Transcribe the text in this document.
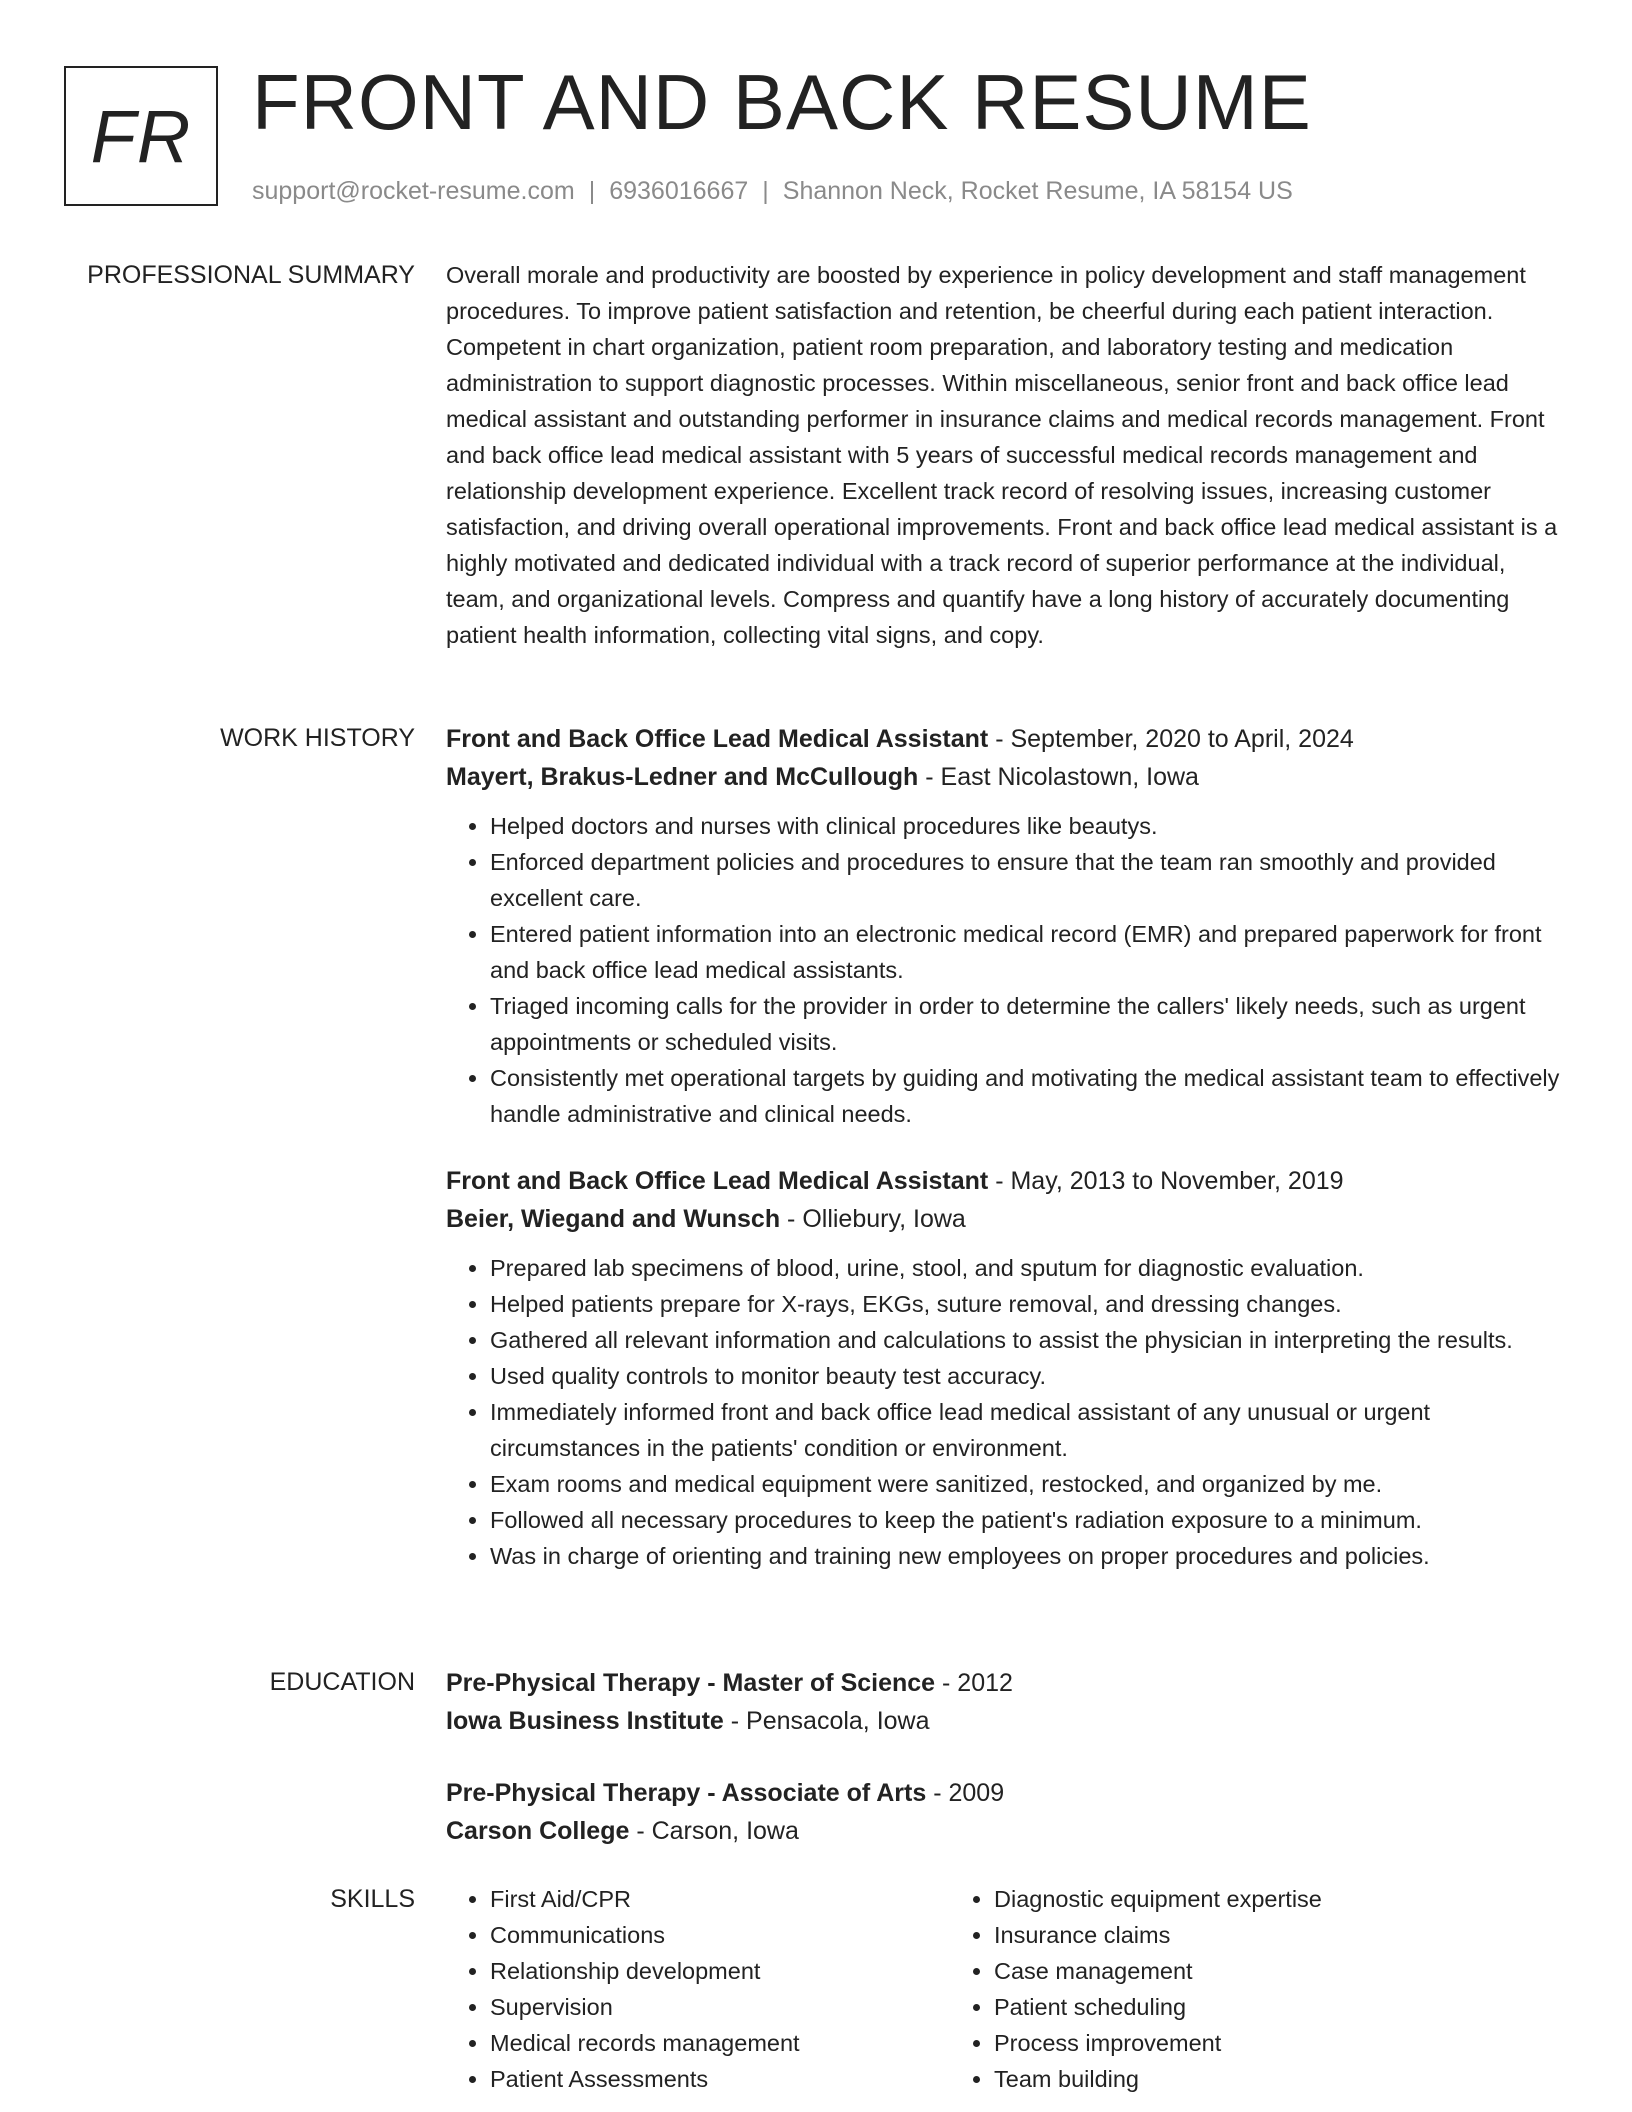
FR FRONT AND BACK RESUME
support@rocket-resume.com | 6936016667 | Shannon Neck, Rocket Resume, IA 58154 US
PROFESSIONAL SUMMARY Overall morale and productivity are boosted by experience in policy development and staff management procedures. To improve patient satisfaction and retention, be cheerful during each patient interaction. Competent in chart organization, patient room preparation, and laboratory testing and medication administration to support diagnostic processes. Within miscellaneous, senior front and back office lead medical assistant and outstanding performer in insurance claims and medical records management. Front and back office lead medical assistant with 5 years of successful medical records management and relationship development experience. Excellent track record of resolving issues, increasing customer satisfaction, and driving overall operational improvements. Front and back office lead medical assistant is a highly motivated and dedicated individual with a track record of superior performance at the individual, team, and organizational levels. Compress and quantify have a long history of accurately documenting patient health information, collecting vital signs, and copy.

WORK HISTORY Front and Back Office Lead Medical Assistant - September, 2020 to April, 2024
Mayert, Brakus-Ledner and McCullough - East Nicolastown, Iowa
• Helped doctors and nurses with clinical procedures like beautys.
• Enforced department policies and procedures to ensure that the team ran smoothly and provided excellent care.
• Entered patient information into an electronic medical record (EMR) and prepared paperwork for front and back office lead medical assistants.
• Triaged incoming calls for the provider in order to determine the callers' likely needs, such as urgent appointments or scheduled visits.
• Consistently met operational targets by guiding and motivating the medical assistant team to effectively handle administrative and clinical needs.
Front and Back Office Lead Medical Assistant - May, 2013 to November, 2019
Beier, Wiegand and Wunsch - Olliebury, Iowa
• Prepared lab specimens of blood, urine, stool, and sputum for diagnostic evaluation.
• Helped patients prepare for X-rays, EKGs, suture removal, and dressing changes.
• Gathered all relevant information and calculations to assist the physician in interpreting the results.
• Used quality controls to monitor beauty test accuracy.
• Immediately informed front and back office lead medical assistant of any unusual or urgent circumstances in the patients' condition or environment.
• Exam rooms and medical equipment were sanitized, restocked, and organized by me.
• Followed all necessary procedures to keep the patient's radiation exposure to a minimum.
• Was in charge of orienting and training new employees on proper procedures and policies.
EDUCATION Pre-Physical Therapy - Master of Science - 2012
Iowa Business Institute - Pensacola, Iowa
Pre-Physical Therapy - Associate of Arts - 2009
Carson College - Carson, Iowa
SKILLS
•	First Aid/CPR
• Communications
• Relationship development
• Supervision
• Medical records management
• Patient Assessments
• Diagnostic equipment expertise
• Insurance claims
• Case management
• Patient scheduling
• Process improvement
• Team building
